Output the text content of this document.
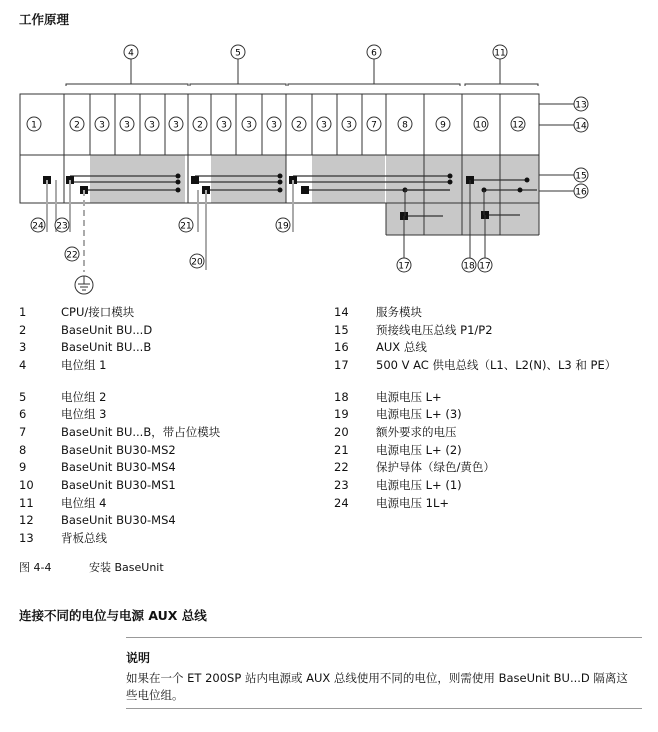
工作原理
1	2 3 3 3 3 2 3 3 3 2 3 3 7	8	9	10	12
4	5	6	11
13
14
15
16
24 23	21	19
22
20	17	18 17
1	CPU/接口模块
2	BaseUnit BU...D
3	BaseUnit BU...B
4	电位组 1
5	电位组 2
6	电位组 3
7	BaseUnit BU...B，带占位模块
8	BaseUnit BU30-MS2
9	BaseUnit BU30-MS4
10 BaseUnit BU30-MS1
11 电位组 4
12 BaseUnit BU30-MS4
13 背板总线
14 服务模块
15 预接线电压总线 P1/P2
16 AUX 总线
17 500 V AC 供电总线（L1、L2(N)、L3 和 PE）
18 电源电压 L+
19 电源电压 L+ (3)
20 额外要求的电压
21 电源电压 L+ (2)
22 保护导体（绿色/黄色）
23 电源电压 L+ (1)
24 电源电压 1L+
图 4-4	安装 BaseUnit
连接不同的电位与电源 AUX 总线
说明
如果在一个 ET 200SP 站内电源或 AUX 总线使用不同的电位，则需使用 BaseUnit BU...D 隔离这些电位组。
